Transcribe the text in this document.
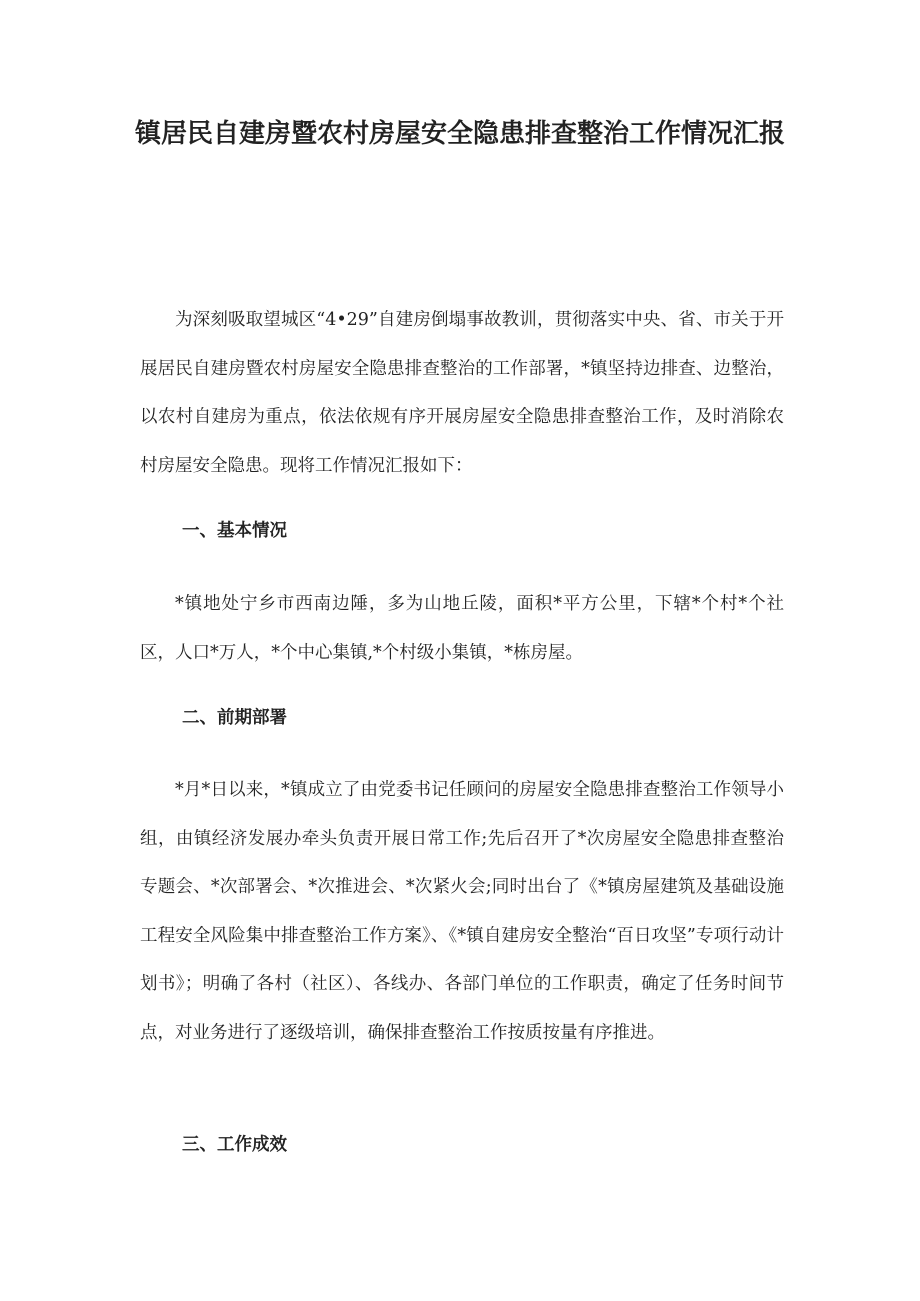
镇居民自建房暨农村房屋安全隐患排查整治工作情况汇报

为深刻吸取望城区“4•29”自建房倒塌事故教训，贯彻落实中央、省、市关于开展居民自建房暨农村房屋安全隐患排查整治的工作部署，*镇坚持边排查、边整治，以农村自建房为重点，依法依规有序开展房屋安全隐患排查整治工作，及时消除农村房屋安全隐患。现将工作情况汇报如下：

一、基本情况

*镇地处宁乡市西南边陲，多为山地丘陵，面积*平方公里，下辖*个村*个社区，人口*万人，*个中心集镇,*个村级小集镇，*栋房屋。

二、前期部署

*月*日以来，*镇成立了由党委书记任顾问的房屋安全隐患排查整治工作领导小组，由镇经济发展办牵头负责开展日常工作;先后召开了*次房屋安全隐患排查整治专题会、*次部署会、*次推进会、*次紧火会;同时出台了《*镇房屋建筑及基础设施工程安全风险集中排查整治工作方案》、《*镇自建房安全整治“百日攻坚”专项行动计划书》；明确了各村（社区）、各线办、各部门单位的工作职责，确定了任务时间节点，对业务进行了逐级培训，确保排查整治工作按质按量有序推进。

三、工作成效
